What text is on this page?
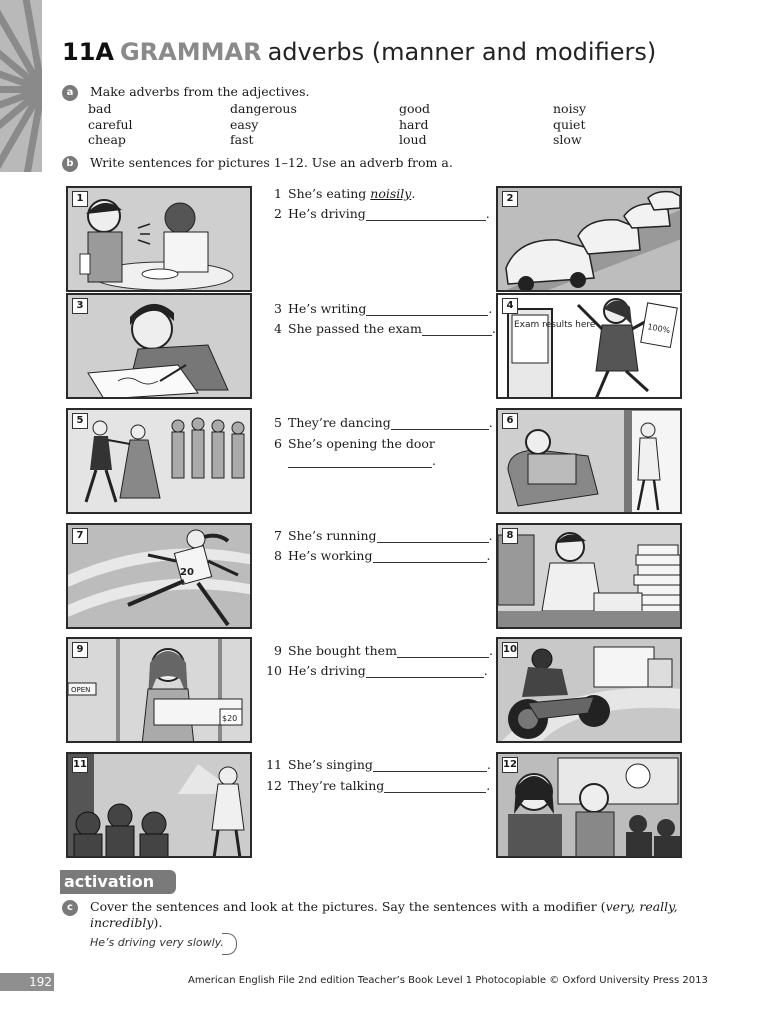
11A GRAMMAR adverbs (manner and modifiers)
a	Make adverbs from the adjectives.
bad	dangerous	good	noisy
careful	easy	hard	quiet
cheap	fast	loud	slow
b	Write sentences for pictures 1–12. Use an adverb from a.
1
3
5
7
20
9
OPEN
$20
11
2
4
Exam results here	100%
6
8
10
12
1 She’s eating
noisily .
2 He’s driving	.
3 He’s writing	.
4 She passed the exam	.
5 They’re dancing	.
6 She’s opening the door
.
7 She’s running	.
8 He’s working	.
9 She bought them	.
10 He’s driving	.
11 She’s singing	.
12 They’re talking	.
activation
c	Cover the sentences and look at the pictures. Say the sentences with a modifier (very, really,
incredibly).
He’s driving very slowly.
192	American English File 2nd edition Teacher’s Book Level 1 Photocopiable © Oxford University Press 2013
